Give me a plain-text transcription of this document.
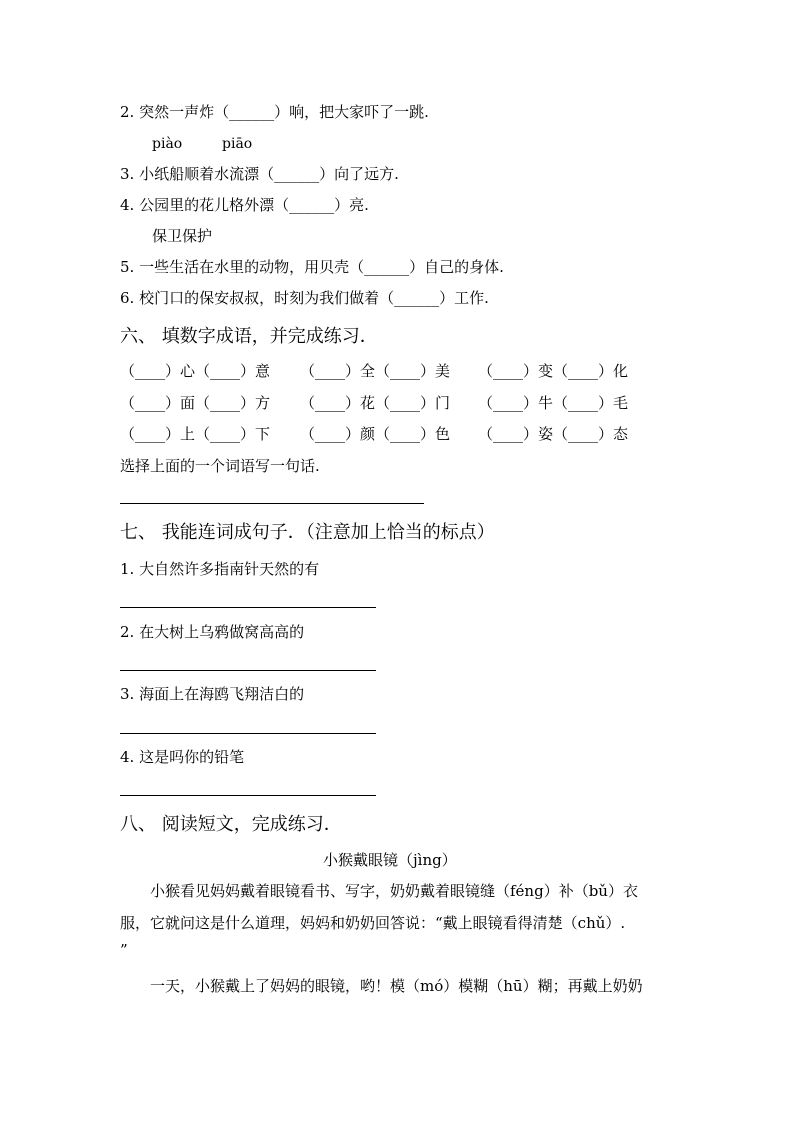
2. 突然一声炸（______）响，把大家吓了一跳.
piào	piāo
3. 小纸船顺着水流漂（______）向了远方.
4. 公园里的花儿格外漂（______）亮.
保卫保护
5. 一些生活在水里的动物，用贝壳（______）自己的身体.
6. 校门口的保安叔叔，时刻为我们做着（______）工作.
六、 填数字成语，并完成练习．
（____）心（____）意 （____）全（____）美 （____）变（____）化
（____）面（____）方 （____）花（____）门 （____）牛（____）毛
（____）上（____）下 （____）颜（____）色 （____）姿（____）态
选择上面的一个词语写一句话.
七、 我能连词成句子．（注意加上恰当的标点）
1. 大自然许多指南针天然的有
2. 在大树上乌鸦做窝高高的
3. 海面上在海鸥飞翔洁白的
4. 这是吗你的铅笔
八、 阅读短文，完成练习．
小猴戴眼镜（jìng）
小猴看见妈妈戴着眼镜看书、写字，奶奶戴着眼镜缝（féng）补（bǔ）衣
服，它就问这是什么道理，妈妈和奶奶回答说：“戴上眼镜看得清楚（chǔ）.
”
一天，小猴戴上了妈妈的眼镜，哟！模（mó）模糊（hū）糊；再戴上奶奶
